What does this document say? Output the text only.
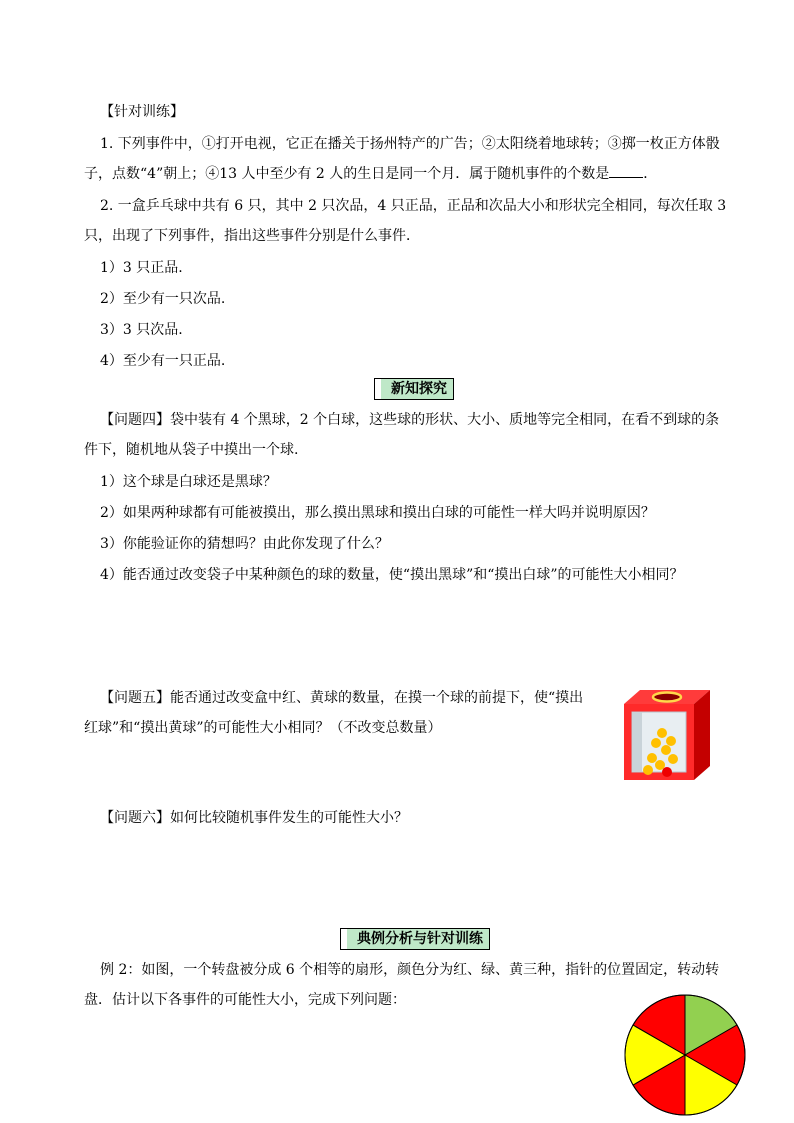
【针对训练】
1. 下列事件中，①打开电视，它正在播关于扬州特产的广告；②太阳绕着地球转；③掷一枚正方体骰
子，点数“4”朝上；④13 人中至少有 2 人的生日是同一个月．属于随机事件的个数是 ．
2. 一盒乒乓球中共有 6 只，其中 2 只次品，4 只正品，正品和次品大小和形状完全相同，每次任取 3
只，出现了下列事件，指出这些事件分别是什么事件．
1）3 只正品.
2）至少有一只次品.
3）3 只次品.
4）至少有一只正品.
新知探究
【问题四】袋中装有 4 个黑球，2 个白球，这些球的形状、大小、质地等完全相同，在看不到球的条
件下，随机地从袋子中摸出一个球.
1）这个球是白球还是黑球？
2）如果两种球都有可能被摸出，那么摸出黑球和摸出白球的可能性一样大吗并说明原因？
3）你能验证你的猜想吗？由此你发现了什么？
4）能否通过改变袋子中某种颜色的球的数量，使“摸出黑球”和“摸出白球”的可能性大小相同？
【问题五】能否通过改变盒中红、黄球的数量，在摸一个球的前提下，使“摸出
红球”和“摸出黄球”的可能性大小相同？（不改变总数量）
【问题六】如何比较随机事件发生的可能性大小？
典例分析与针对训练
例 2：如图，一个转盘被分成 6 个相等的扇形，颜色分为红、绿、黄三种，指针的位置固定，转动转
盘．估计以下各事件的可能性大小，完成下列问题：
